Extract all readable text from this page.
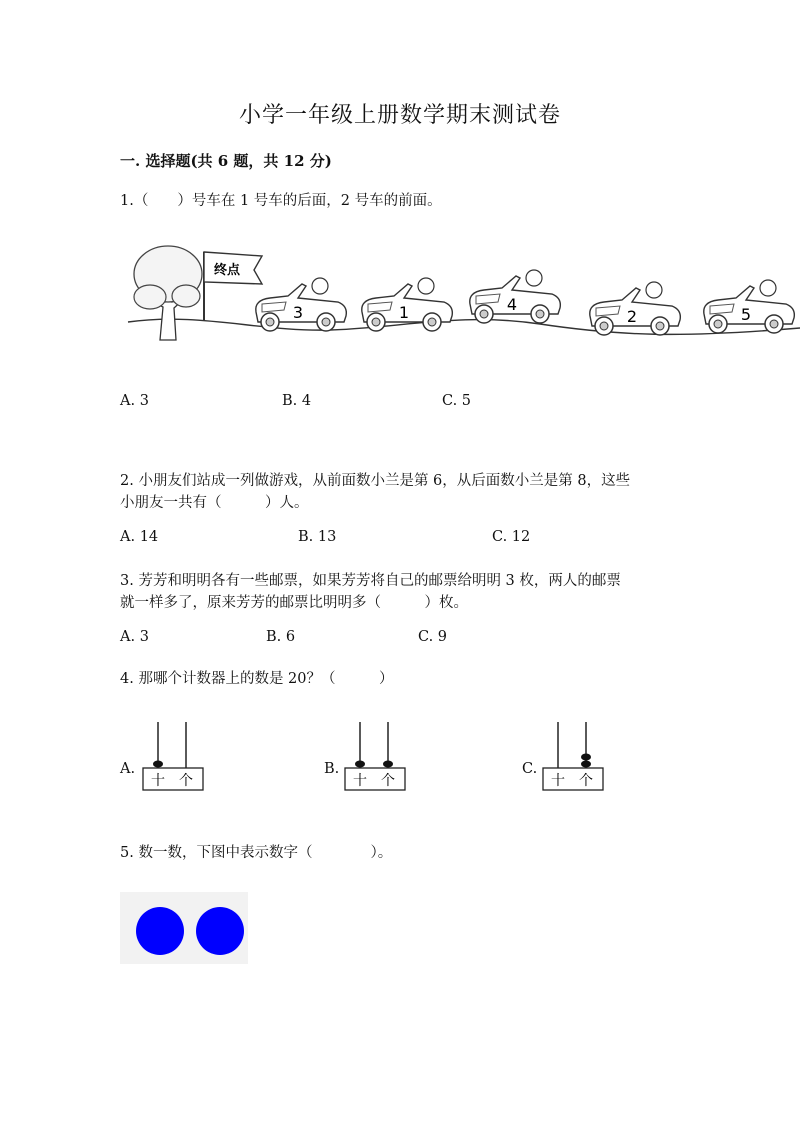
小学一年级上册数学期末测试卷
一. 选择题(共 6 题，共 12 分)
1.（　　）号车在 1 号车的后面，2 号车的前面。
终点
3	1	4
2	5
A. 3	B. 4	C. 5
2. 小朋友们站成一列做游戏，从前面数小兰是第 6，从后面数小兰是第 8，这些
小朋友一共有（　　　）人。
A. 14	B. 13	C. 12
3. 芳芳和明明各有一些邮票，如果芳芳将自己的邮票给明明 3 枚，两人的邮票
就一样多了，原来芳芳的邮票比明明多（　　　）枚。
A. 3	B. 6	C. 9
4. 那哪个计数器上的数是 20？（　　　）
A.	B.	C.
十 个	十 个	十 个
5. 数一数，下图中表示数字（　　　　）。
